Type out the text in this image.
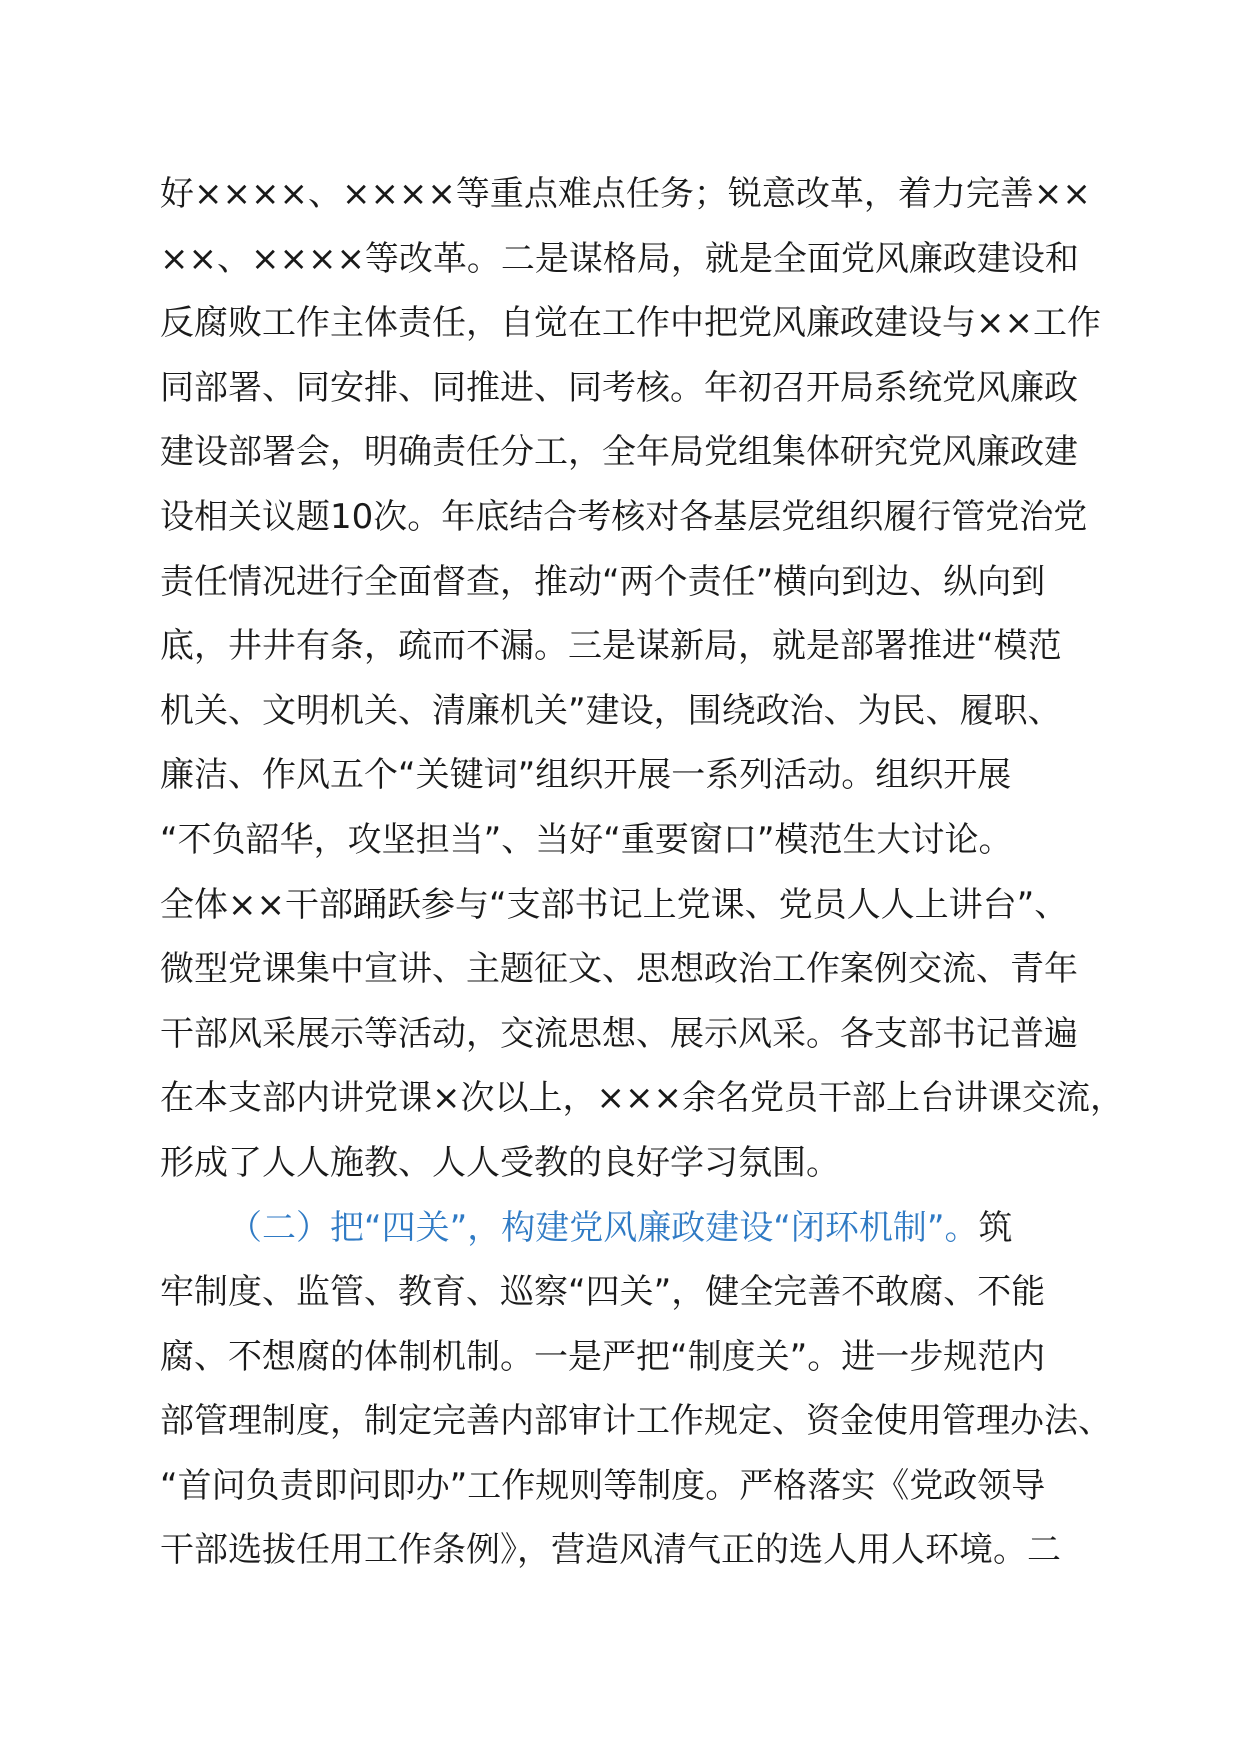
好××××、××××等重点难点任务；锐意改革，着力完善××
××、××××等改革。二是谋格局，就是全面党风廉政建设和
反腐败工作主体责任，自觉在工作中把党风廉政建设与××工作
同部署、同安排、同推进、同考核。年初召开局系统党风廉政
建设部署会，明确责任分工，全年局党组集体研究党风廉政建
设相关议题10次。年底结合考核对各基层党组织履行管党治党
责任情况进行全面督查，推动“两个责任”横向到边、纵向到
底，井井有条，疏而不漏。三是谋新局，就是部署推进“模范
机关、文明机关、清廉机关”建设，围绕政治、为民、履职、
廉洁、作风五个“关键词”组织开展一系列活动。组织开展
“不负韶华，攻坚担当”、当好“重要窗口”模范生大讨论。
全体××干部踊跃参与“支部书记上党课、党员人人上讲台”、
微型党课集中宣讲、主题征文、思想政治工作案例交流、青年
干部风采展示等活动，交流思想、展示风采。各支部书记普遍
在本支部内讲党课×次以上，×××余名党员干部上台讲课交流，
形成了人人施教、人人受教的良好学习氛围。
（二）把“四关”，构建党风廉政建设“闭环机制”。筑
牢制度、监管、教育、巡察“四关”，健全完善不敢腐、不能
腐、不想腐的体制机制。一是严把“制度关”。进一步规范内
部管理制度，制定完善内部审计工作规定、资金使用管理办法、
“首问负责即问即办”工作规则等制度。严格落实《党政领导
干部选拔任用工作条例》，营造风清气正的选人用人环境。二
